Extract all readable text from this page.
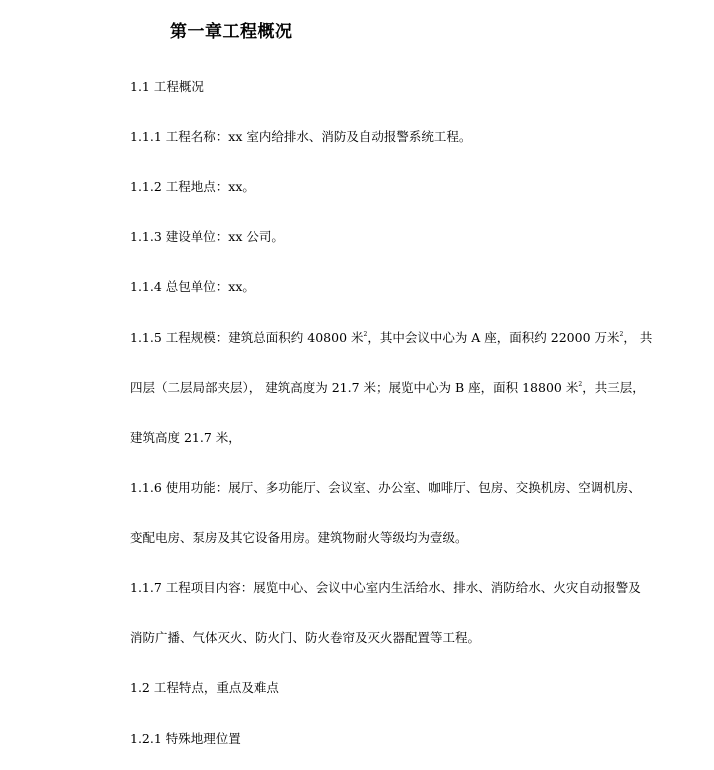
第一章工程概况

1.1 工程概况

1.1.1 工程名称：xx 室内给排水、消防及自动报警系统工程。

1.1.2 工程地点：xx。

1.1.3 建设单位：xx 公司。

1.1.4 总包单位：xx。

1.1.5 工程规模：建筑总面积约 40800 米$^2$，其中会议中心为 A 座，面积约 22000 万米$^2$， 共

四层（二层局部夹层）， 建筑高度为 21.7 米；展览中心为 B 座，面积 18800 米$^2$，共三层，

建筑高度 21.7 米，

1.1.6 使用功能：展厅、多功能厅、会议室、办公室、咖啡厅、包房、交换机房、空调机房、

变配电房、泵房及其它设备用房。建筑物耐火等级均为壹级。

1.1.7 工程项目内容：展览中心、会议中心室内生活给水、排水、消防给水、火灾自动报警及

消防广播、气体灭火、防火门、防火卷帘及灭火器配置等工程。

1.2 工程特点，重点及难点

1.2.1 特殊地理位置
